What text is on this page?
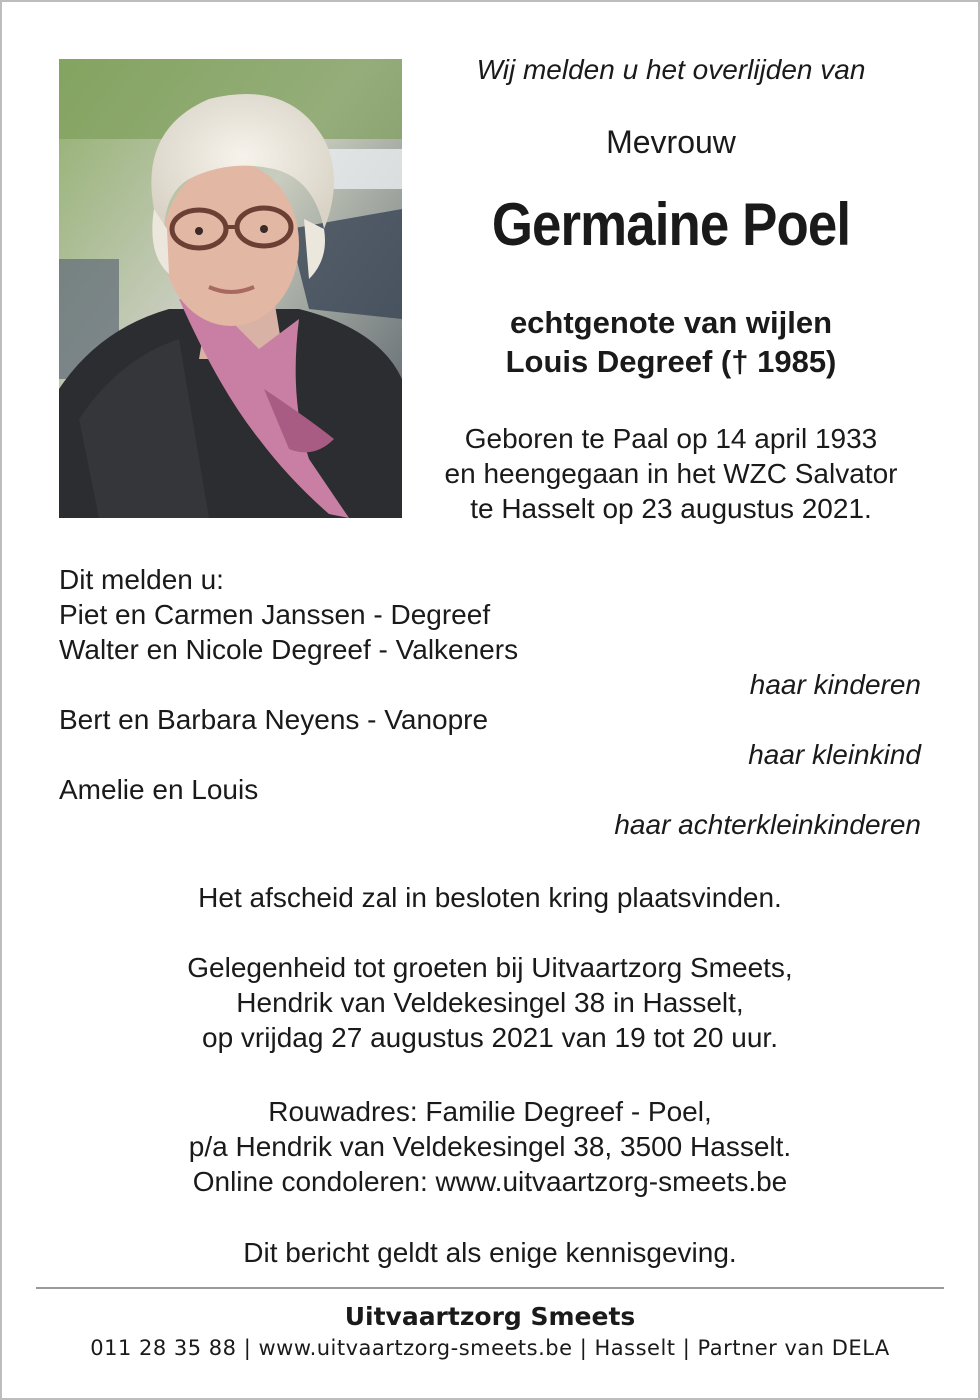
Wij melden u het overlijden van
Mevrouw
Germaine Poel
echtgenote van wijlen
Louis Degreef († 1985)
Geboren te Paal op 14 april 1933
en heengegaan in het WZC Salvator
te Hasselt op 23 augustus 2021.
Dit melden u:
Piet en Carmen Janssen - Degreef
Walter en Nicole Degreef - Valkeners
haar kinderen
Bert en Barbara Neyens - Vanopre
haar kleinkind
Amelie en Louis
haar achterkleinkinderen
Het afscheid zal in besloten kring plaatsvinden.
Gelegenheid tot groeten bij Uitvaartzorg Smeets,
Hendrik van Veldekesingel 38 in Hasselt,
op vrijdag 27 augustus 2021 van 19 tot 20 uur.
Rouwadres: Familie Degreef - Poel,
p/a Hendrik van Veldekesingel 38, 3500 Hasselt.
Online condoleren: www.uitvaartzorg-smeets.be
Dit bericht geldt als enige kennisgeving.
Uitvaartzorg Smeets
011 28 35 88 | www.uitvaartzorg-smeets.be | Hasselt | Partner van DELA
